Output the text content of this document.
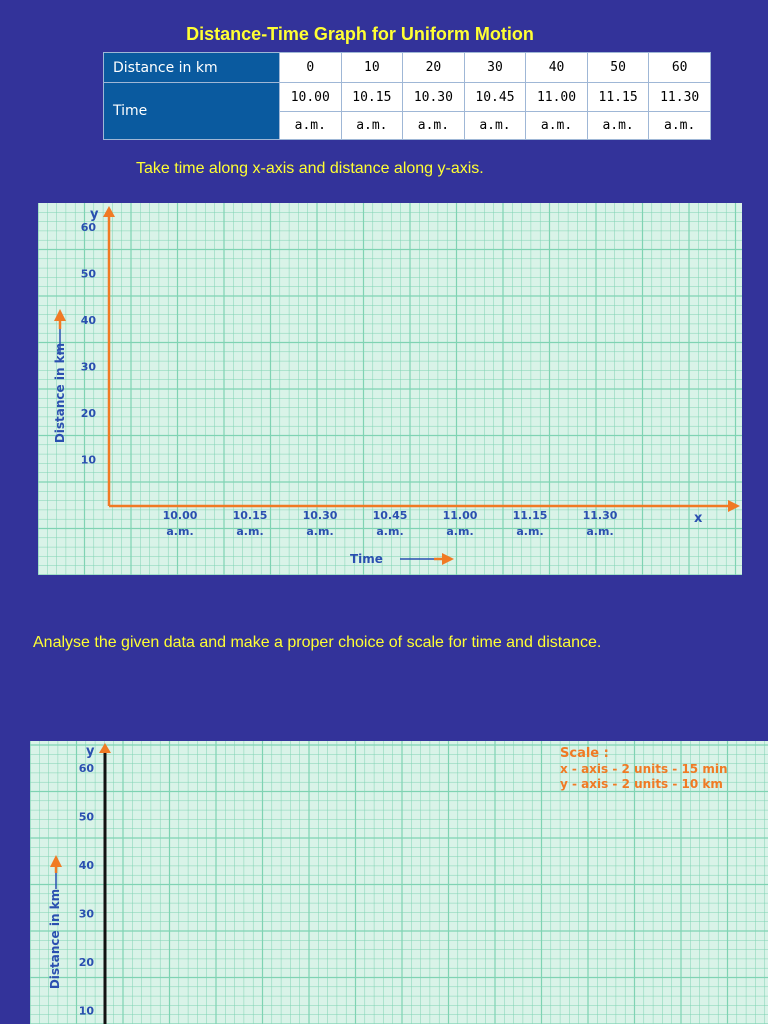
Distance-Time Graph for Uniform Motion
Distance in km	0	10	20	30	40	50	60
Time	10.00	10.15	10.30	10.45	11.00	11.15	11.30
	a.m.	a.m.	a.m.	a.m.	a.m.	a.m.	a.m.
Take time along x-axis and distance along y-axis.
y
x
10
20
30
40
50
60
10.00
a.m.
10.15
a.m.
10.30
a.m.
10.45
a.m.
11.00
a.m.
11.15
a.m.
11.30
a.m.
Distance in km
Time
Analyse the given data and make a proper choice of scale for time and distance.
y
10
20
30
40
50
60
Distance in km
Scale :
x - axis - 2 units - 15 min
y - axis - 2 units - 10 km
